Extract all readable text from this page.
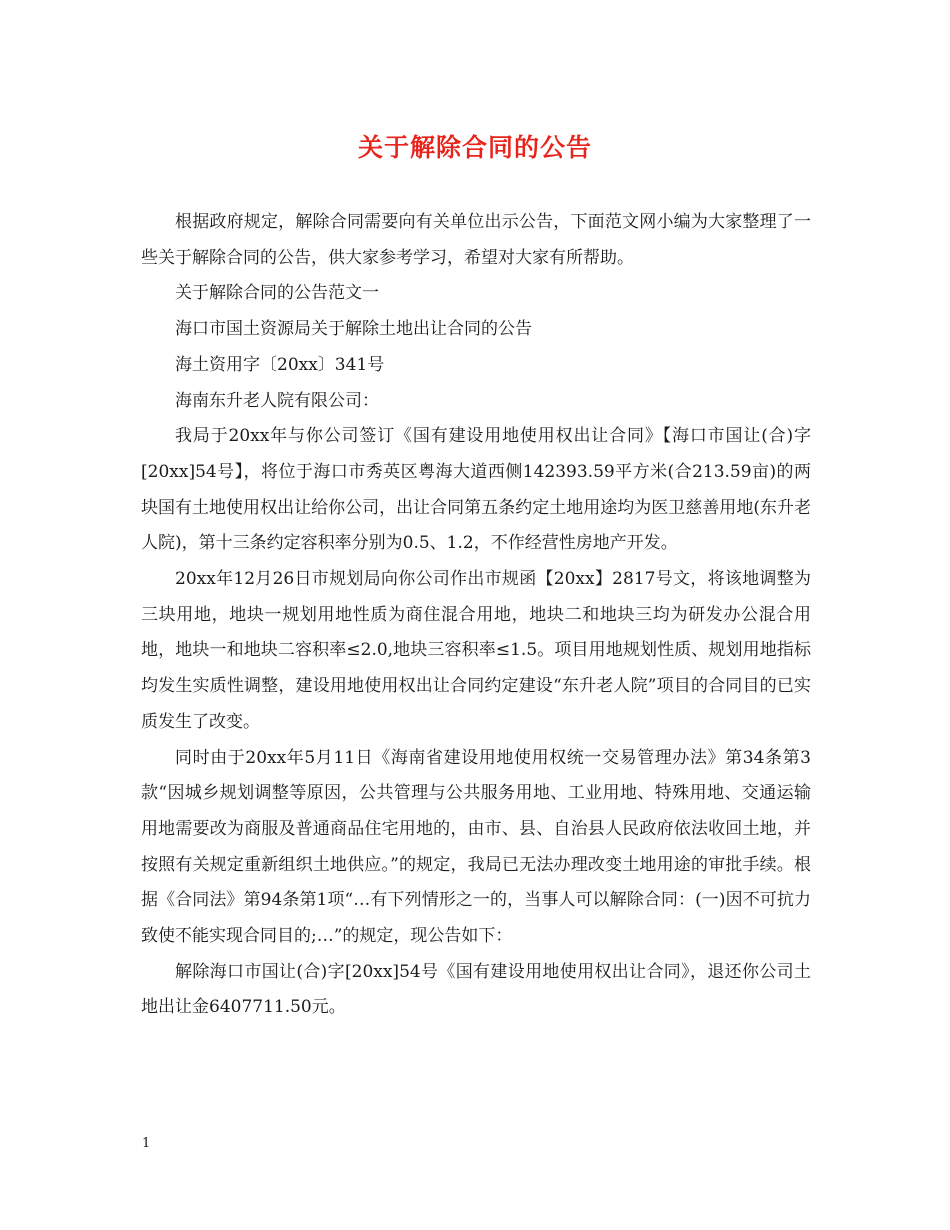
关于解除合同的公告

根据政府规定，解除合同需要向有关单位出示公告，下面范文网小编为大家整理了一些关于解除合同的公告，供大家参考学习，希望对大家有所帮助。

关于解除合同的公告范文一

海口市国土资源局关于解除土地出让合同的公告

海土资用字〔20xx〕341号

海南东升老人院有限公司：

我局于20xx年与你公司签订《国有建设用地使用权出让合同》【海口市国让(合)字[20xx]54号】，将位于海口市秀英区粤海大道西侧142393.59平方米(合213.59亩)的两块国有土地使用权出让给你公司，出让合同第五条约定土地用途均为医卫慈善用地(东升老人院)，第十三条约定容积率分别为0.5、1.2，不作经营性房地产开发。

20xx年12月26日市规划局向你公司作出市规函【20xx】2817号文，将该地调整为三块用地，地块一规划用地性质为商住混合用地，地块二和地块三均为研发办公混合用地，地块一和地块二容积率≤2.0,地块三容积率≤1.5。项目用地规划性质、规划用地指标均发生实质性调整，建设用地使用权出让合同约定建设“东升老人院”项目的合同目的已实质发生了改变。

同时由于20xx年5月11日《海南省建设用地使用权统一交易管理办法》第34条第3款“因城乡规划调整等原因，公共管理与公共服务用地、工业用地、特殊用地、交通运输用地需要改为商服及普通商品住宅用地的，由市、县、自治县人民政府依法收回土地，并按照有关规定重新组织土地供应。”的规定，我局已无法办理改变土地用途的审批手续。根据《合同法》第94条第1项“…有下列情形之一的，当事人可以解除合同：(一)因不可抗力致使不能实现合同目的;…”的规定，现公告如下：

解除海口市国让(合)字[20xx]54号《国有建设用地使用权出让合同》，退还你公司土地出让金6407711.50元。

1
